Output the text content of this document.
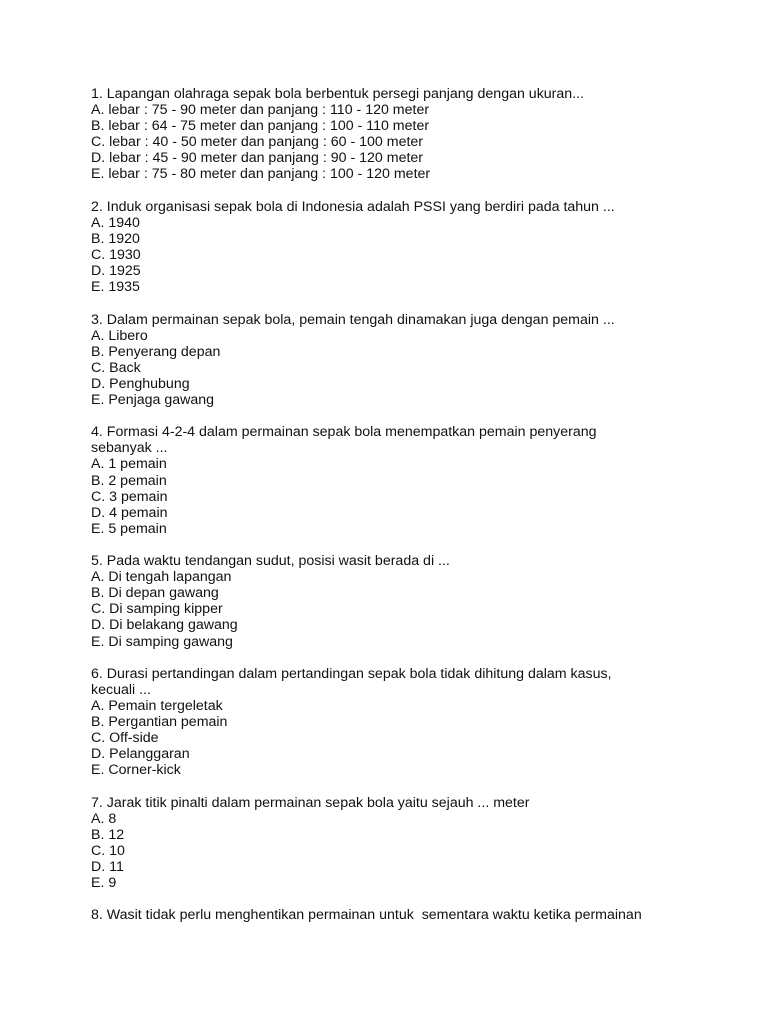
1. Lapangan olahraga sepak bola berbentuk persegi panjang dengan ukuran...
A. lebar : 75 - 90 meter dan panjang : 110 - 120 meter
B. lebar : 64 - 75 meter dan panjang : 100 - 110 meter
C. lebar : 40 - 50 meter dan panjang : 60 - 100 meter
D. lebar : 45 - 90 meter dan panjang : 90 - 120 meter
E. lebar : 75 - 80 meter dan panjang : 100 - 120 meter
2. Induk organisasi sepak bola di Indonesia adalah PSSI yang berdiri pada tahun ...
A. 1940
B. 1920
C. 1930
D. 1925
E. 1935
3. Dalam permainan sepak bola, pemain tengah dinamakan juga dengan pemain ...
A. Libero
B. Penyerang depan
C. Back
D. Penghubung
E. Penjaga gawang
4. Formasi 4-2-4 dalam permainan sepak bola menempatkan pemain penyerang sebanyak ...
A. 1 pemain
B. 2 pemain
C. 3 pemain
D. 4 pemain
E. 5 pemain
5. Pada waktu tendangan sudut, posisi wasit berada di ...
A. Di tengah lapangan
B. Di depan gawang
C. Di samping kipper
D. Di belakang gawang
E. Di samping gawang
6. Durasi pertandingan dalam pertandingan sepak bola tidak dihitung dalam kasus, kecuali ...
A. Pemain tergeletak
B. Pergantian pemain
C. Off-side
D. Pelanggaran
E. Corner-kick
7. Jarak titik pinalti dalam permainan sepak bola yaitu sejauh ... meter
A. 8
B. 12
C. 10
D. 11
E. 9
8. Wasit tidak perlu menghentikan permainan untuk  sementara waktu ketika permainan
